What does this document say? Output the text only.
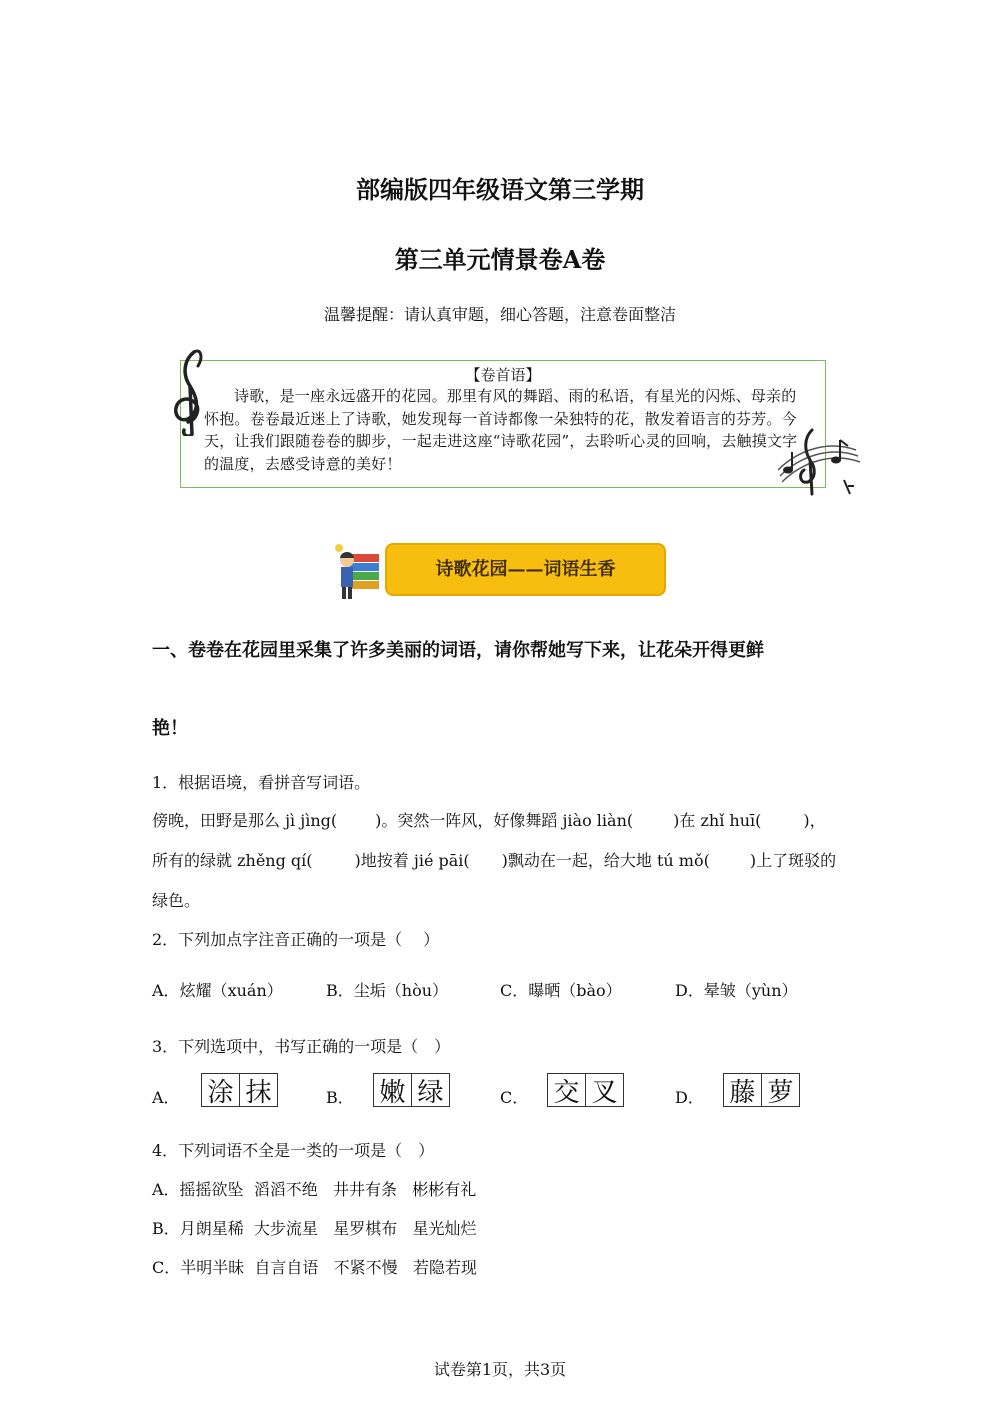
部编版四年级语文第三学期
第三单元情景卷A卷
温馨提醒：请认真审题，细心答题，注意卷面整洁
【卷首语】
诗歌，是一座永远盛开的花园。那里有风的舞蹈、雨的私语，有星光的闪烁、母亲的怀抱。卷卷最近迷上了诗歌，她发现每一首诗都像一朵独特的花，散发着语言的芬芳。今天，让我们跟随卷卷的脚步，一起走进这座“诗歌花园”，去聆听心灵的回响，去触摸文字的温度，去感受诗意的美好！
诗歌花园——词语生香
一、卷卷在花园里采集了许多美丽的词语，请你帮她写下来，让花朵开得更鲜
艳！
1．根据语境，看拼音写词语。
傍晚，田野是那么 jì jìng( )。突然一阵风，好像舞蹈 jiào liàn(	)在 zhǐ huī(	)，
所有的绿就 zhěng qí(	)地按着 jié pāi( )飘动在一起，给大地 tú mǒ(	)上了斑驳的
绿色。
2．下列加点字注音正确的一项是（　 ）
A．炫耀（xuán）	B．尘垢（hòu）	C．曝晒（bào）	D．晕皱（yùn）
3．下列选项中，书写正确的一项是（　）
A． 涂 抹	B． 嫩 绿	C． 交 叉	D． 藤 萝
4．下列词语不全是一类的一项是（　）
A．摇摇欲坠  滔滔不绝   井井有条   彬彬有礼
B．月朗星稀  大步流星   星罗棋布   星光灿烂
C．半明半昧  自言自语   不紧不慢   若隐若现
试卷第1页，共3页
